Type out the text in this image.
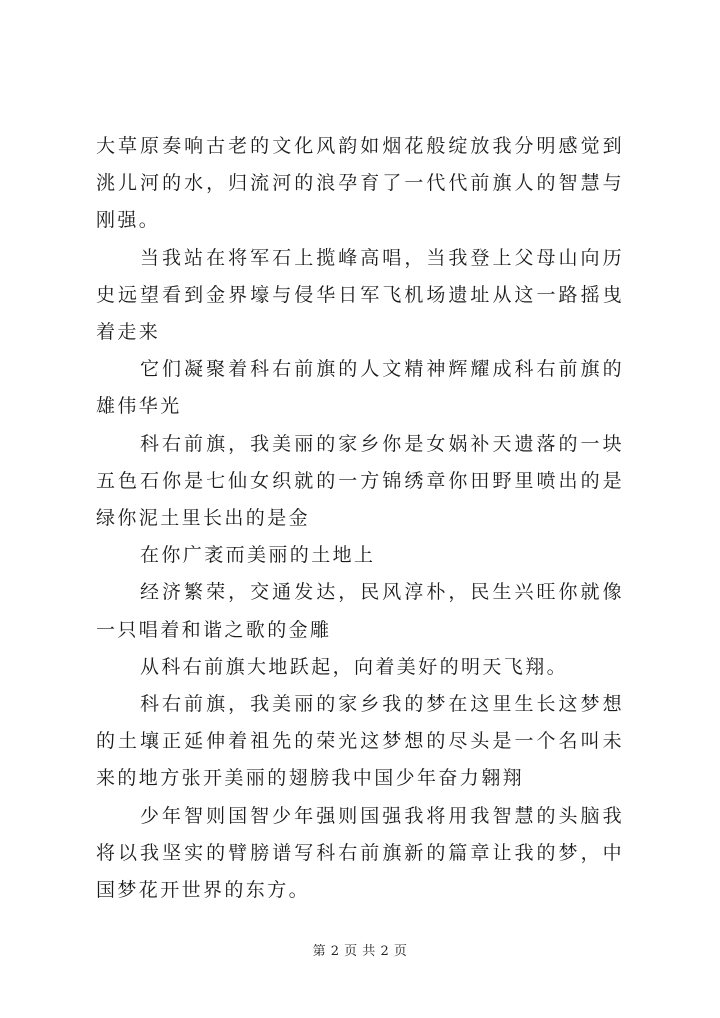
大草原奏响古老的文化风韵如烟花般绽放我分明感觉到洮儿河的水，归流河的浪孕育了一代代前旗人的智慧与刚强。

当我站在将军石上揽峰高唱，当我登上父母山向历史远望看到金界壕与侵华日军飞机场遗址从这一路摇曳着走来

它们凝聚着科右前旗的人文精神辉耀成科右前旗的雄伟华光

科右前旗，我美丽的家乡你是女娲补天遗落的一块五色石你是七仙女织就的一方锦绣章你田野里喷出的是绿你泥土里长出的是金

在你广袤而美丽的土地上

经济繁荣，交通发达，民风淳朴，民生兴旺你就像一只唱着和谐之歌的金雕

从科右前旗大地跃起，向着美好的明天飞翔。

科右前旗，我美丽的家乡我的梦在这里生长这梦想的土壤正延伸着祖先的荣光这梦想的尽头是一个名叫未来的地方张开美丽的翅膀我中国少年奋力翱翔

少年智则国智少年强则国强我将用我智慧的头脑我将以我坚实的臂膀谱写科右前旗新的篇章让我的梦，中国梦花开世界的东方。

第 2 页 共 2 页
